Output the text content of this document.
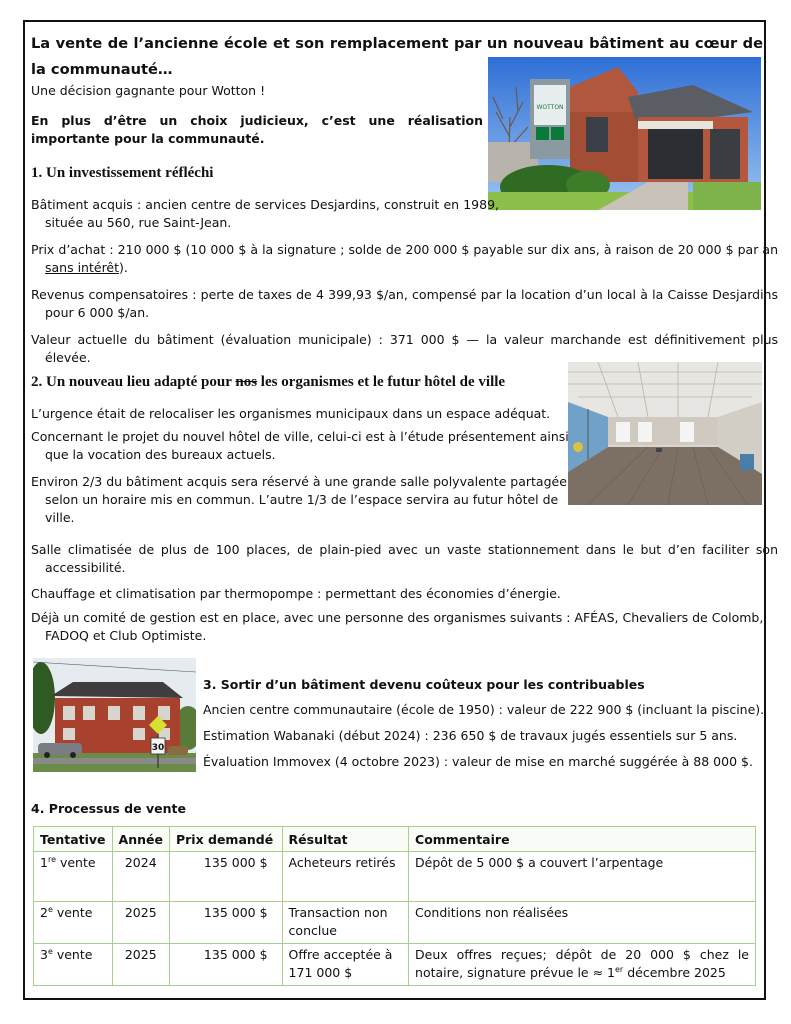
La vente de l’ancienne école et son remplacement par un nouveau bâtiment au cœur de la communauté…
WOTTON
Une décision gagnante pour Wotton !
En plus d’être un choix judicieux, c’est une réalisation importante pour la communauté.
1. Un investissement réfléchi
Bâtiment acquis : ancien centre de services Desjardins, construit en 1989, située au 560, rue Saint-Jean.
Prix d’achat : 210 000 $ (10 000 $ à la signature ; solde de 200 000 $ payable sur dix ans, à raison de 20 000 $ par an sans intérêt).
Revenus compensatoires : perte de taxes de 4 399,93 $/an, compensé par la location d’un local à la Caisse Desjardins pour 6 000 $/an.
Valeur actuelle du bâtiment (évaluation municipale) : 371 000 $ — la valeur marchande est définitivement plus élevée.
2. Un nouveau lieu adapté pour nos les organismes et le futur hôtel de ville
L’urgence était de relocaliser les organismes municipaux dans un espace adéquat.
Concernant le projet du nouvel hôtel de ville, celui-ci est à l’étude présentement ainsi que la vocation des bureaux actuels.
Environ 2/3 du bâtiment acquis sera réservé à une grande salle polyvalente partagée selon un horaire mis en commun. L’autre 1/3 de l’espace servira au futur hôtel de ville.
Salle climatisée de plus de 100 places, de plain-pied avec un vaste stationnement dans le but d’en faciliter son accessibilité.
Chauffage et climatisation par thermopompe : permettant des économies d’énergie.
Déjà un comité de gestion est en place, avec une personne des organismes suivants : AFÉAS, Chevaliers de Colomb, FADOQ et Club Optimiste.
30
3. Sortir d’un bâtiment devenu coûteux pour les contribuables
Ancien centre communautaire (école de 1950) : valeur de 222 900 $ (incluant la piscine).
Estimation Wabanaki (début 2024) : 236 650 $ de travaux jugés essentiels sur 5 ans.
Évaluation Immovex (4 octobre 2023) : valeur de mise en marché suggérée à 88 000 $.
4. Processus de vente
Tentative	Année	Prix demandé	Résultat	Commentaire
1re vente	2024	135 000 $	Acheteurs retirés	Dépôt de 5 000 $ a couvert l’arpentage
2e vente	2025	135 000 $	Transaction non conclue	Conditions non réalisées
3e vente	2025	135 000 $	Offre acceptée à 171 000 $	Deux offres reçues; dépôt de 20 000 $ chez le notaire, signature prévue le ≈ 1er décembre 2025
